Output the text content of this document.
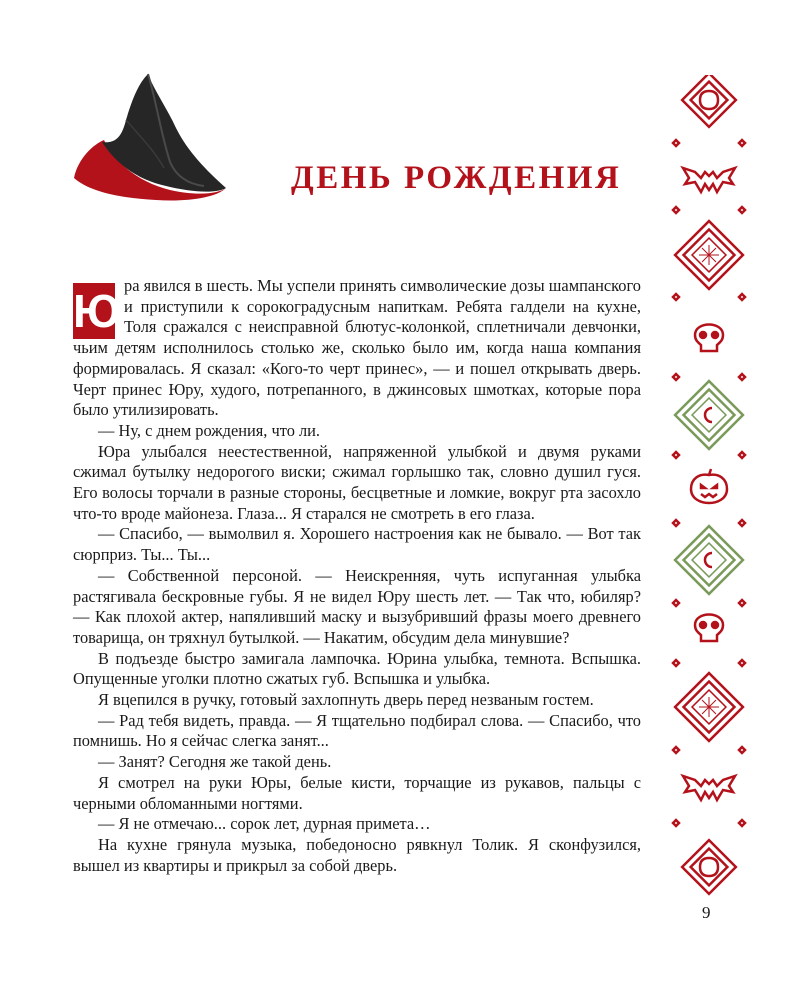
ДЕНЬ РОЖДЕНИЯ
Ю ра явился в шесть. Мы успели принять символические дозы шампанского и приступили к сорокоградусным напиткам. Ребята галдели на кухне, Толя сражался с неисправной блютус-колонкой, сплетничали девчонки, чьим детям исполнилось столько же, сколько было им, когда наша компания формировалась. Я сказал: «Кого-то черт принес», — и пошел открывать дверь. Черт принес Юру, худого, потрепанного, в джинсовых шмотках, которые пора было утилизировать.

— Ну, с днем рождения, что ли.

Юра улыбался неестественной, напряженной улыбкой и двумя руками сжимал бутылку недорогого виски; сжимал горлышко так, словно душил гуся. Его волосы торчали в разные стороны, бесцветные и ломкие, вокруг рта засохло что-то вроде майонеза. Глаза... Я старался не смотреть в его глаза.

— Спасибо, — вымолвил я. Хорошего настроения как не бывало. — Вот так сюрприз. Ты... Ты...

— Собственной персоной. — Неискренняя, чуть испуганная улыбка растягивала бескровные губы. Я не видел Юру шесть лет. — Так что, юбиляр? — Как плохой актер, напяливший маску и вызубривший фразы моего древнего товарища, он тряхнул бутылкой. — Накатим, обсудим дела минувшие?

В подъезде быстро замигала лампочка. Юрина улыбка, темнота. Вспышка. Опущенные уголки плотно сжатых губ. Вспышка и улыбка.

Я вцепился в ручку, готовый захлопнуть дверь перед незваным гостем.

— Рад тебя видеть, правда. — Я тщательно подбирал слова. — Спасибо, что помнишь. Но я сейчас слегка занят...

— Занят? Сегодня же такой день.

Я смотрел на руки Юры, белые кисти, торчащие из рукавов, пальцы с черными обломанными ногтями.

— Я не отмечаю... сорок лет, дурная примета…

На кухне грянула музыка, победоносно рявкнул Толик. Я сконфузился, вышел из квартиры и прикрыл за собой дверь.

9
